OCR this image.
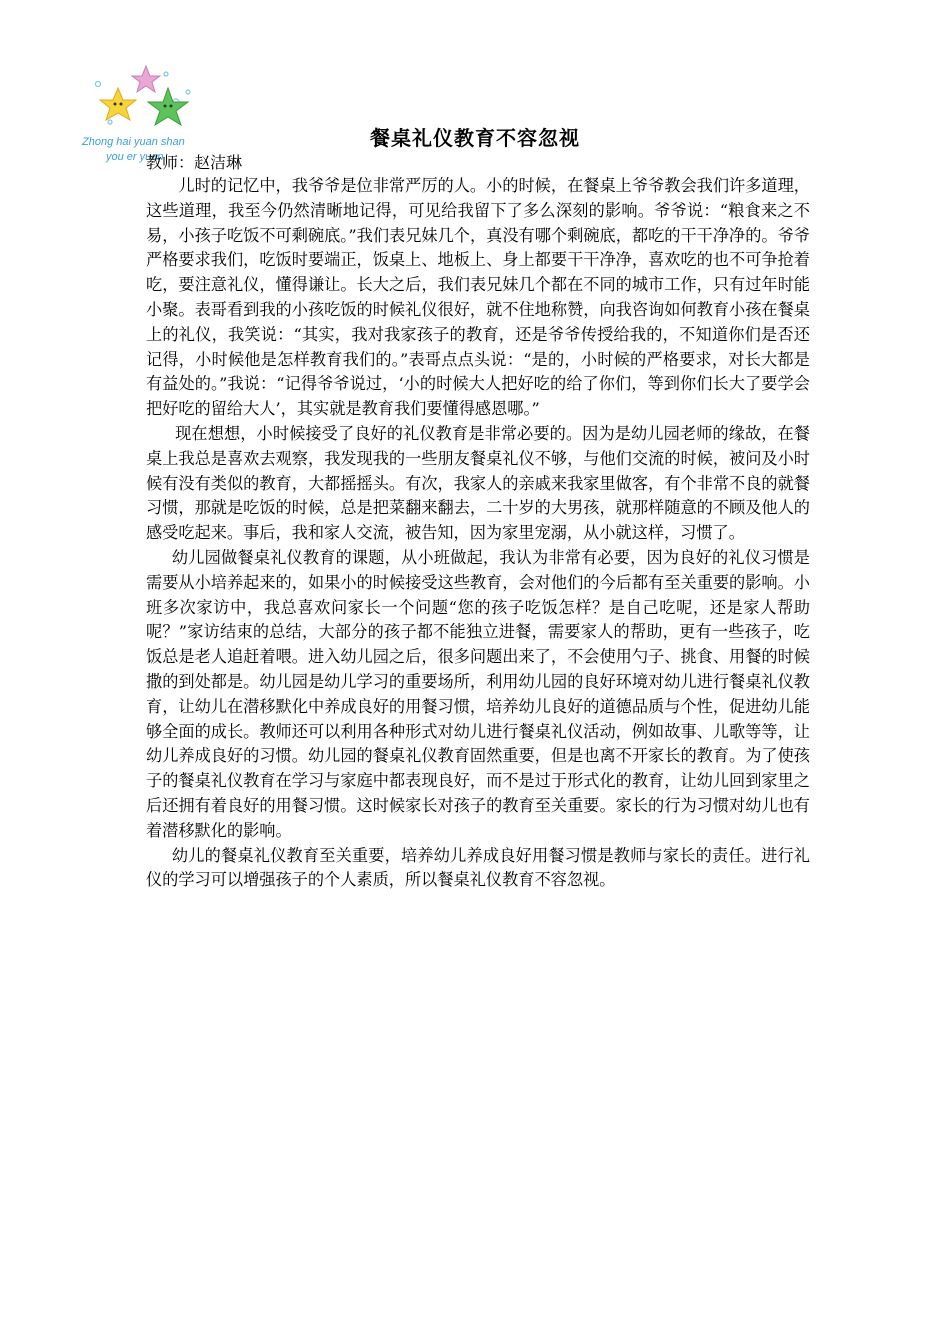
Zhong hai yuan shan
you er yuan
餐桌礼仪教育不容忽视
教师：赵洁琳

儿时的记忆中，我爷爷是位非常严厉的人。小的时候，在餐桌上爷爷教会我们许多道理，这些道理，我至今仍然清晰地记得，可见给我留下了多么深刻的影响。爷爷说：“粮食来之不易，小孩子吃饭不可剩碗底。”我们表兄妹几个，真没有哪个剩碗底，都吃的干干净净的。爷爷严格要求我们，吃饭时要端正，饭桌上、地板上、身上都要干干净净，喜欢吃的也不可争抢着吃，要注意礼仪，懂得谦让。长大之后，我们表兄妹几个都在不同的城市工作，只有过年时能小聚。表哥看到我的小孩吃饭的时候礼仪很好，就不住地称赞，向我咨询如何教育小孩在餐桌上的礼仪，我笑说：“其实，我对我家孩子的教育，还是爷爷传授给我的，不知道你们是否还记得，小时候他是怎样教育我们的。”表哥点点头说：“是的，小时候的严格要求，对长大都是有益处的。”我说：“记得爷爷说过，‘小的时候大人把好吃的给了你们，等到你们长大了要学会把好吃的留给大人’，其实就是教育我们要懂得感恩哪。”

现在想想，小时候接受了良好的礼仪教育是非常必要的。因为是幼儿园老师的缘故，在餐桌上我总是喜欢去观察，我发现我的一些朋友餐桌礼仪不够，与他们交流的时候，被问及小时候有没有类似的教育，大都摇摇头。有次，我家人的亲戚来我家里做客，有个非常不良的就餐习惯，那就是吃饭的时候，总是把菜翻来翻去，二十岁的大男孩，就那样随意的不顾及他人的感受吃起来。事后，我和家人交流，被告知，因为家里宠溺，从小就这样，习惯了。

幼儿园做餐桌礼仪教育的课题，从小班做起，我认为非常有必要，因为良好的礼仪习惯是需要从小培养起来的，如果小的时候接受这些教育，会对他们的今后都有至关重要的影响。小班多次家访中，我总喜欢问家长一个问题“您的孩子吃饭怎样？是自己吃呢，还是家人帮助呢？”家访结束的总结，大部分的孩子都不能独立进餐，需要家人的帮助，更有一些孩子，吃饭总是老人追赶着喂。进入幼儿园之后，很多问题出来了，不会使用勺子、挑食、用餐的时候撒的到处都是。幼儿园是幼儿学习的重要场所，利用幼儿园的良好环境对幼儿进行餐桌礼仪教育，让幼儿在潜移默化中养成良好的用餐习惯，培养幼儿良好的道德品质与个性，促进幼儿能够全面的成长。教师还可以利用各种形式对幼儿进行餐桌礼仪活动，例如故事、儿歌等等，让幼儿养成良好的习惯。幼儿园的餐桌礼仪教育固然重要，但是也离不开家长的教育。为了使孩子的餐桌礼仪教育在学习与家庭中都表现良好，而不是过于形式化的教育，让幼儿回到家里之后还拥有着良好的用餐习惯。这时候家长对孩子的教育至关重要。家长的行为习惯对幼儿也有着潜移默化的影响。

幼儿的餐桌礼仪教育至关重要，培养幼儿养成良好用餐习惯是教师与家长的责任。进行礼仪的学习可以增强孩子的个人素质，所以餐桌礼仪教育不容忽视。
